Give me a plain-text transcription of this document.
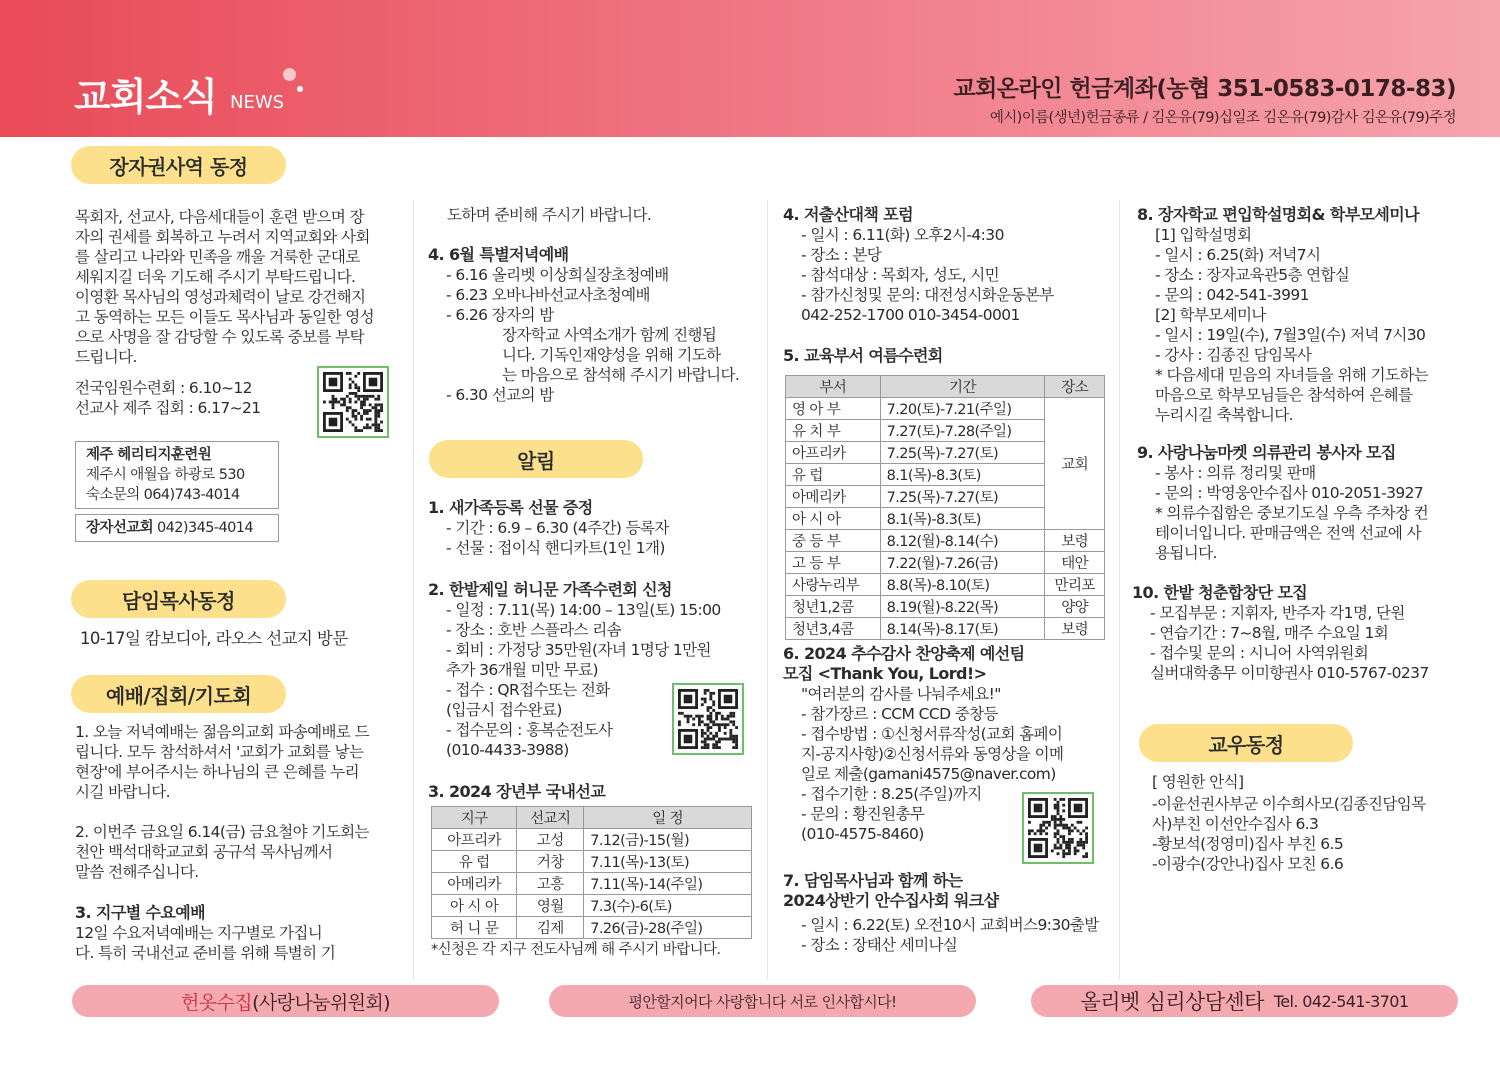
교회소식 NEWS
교회온라인 헌금계좌(농협 351-0583-0178-83)
예시)이름(생년)헌금종류 / 김온유(79)십일조 김온유(79)감사 김온유(79)주정
장자권사역 동정
목회자, 선교사, 다음세대들이 훈련 받으며 장
자의 권세를 회복하고 누려서 지역교회와 사회
를 살리고 나라와 민족을 깨울 거룩한 군대로
세워지길 더욱 기도해 주시기 부탁드립니다.
이영환 목사님의 영성과체력이 날로 강건해지
고 동역하는 모든 이들도 목사님과 동일한 영성
으로 사명을 잘 감당할 수 있도록 중보를 부탁
드립니다.
전국임원수련회 : 6.10~12
선교사 제주 집회 : 6.17~21
제주 헤리티지훈련원
제주시 애월읍 하광로 530
숙소문의 064)743-4014
장자선교회 042)345-4014
담임목사동정
10-17일 캄보디아, 라오스 선교지 방문
예배/집회/기도회
1. 오늘 저녁예배는 젊음의교회 파송예배로 드
립니다. 모두 참석하셔서 '교회가 교회를 낳는
현장'에 부어주시는 하나님의 큰 은혜를 누리
시길 바랍니다.
2. 이번주 금요일 6.14(금) 금요철야 기도회는
천안 백석대학교교회 공규석 목사님께서
말씀 전해주십니다.
3. 지구별 수요예배
12일 수요저녁예배는 지구별로 가집니
다. 특히 국내선교 준비를 위해 특별히 기
도하며 준비해 주시기 바랍니다.
4. 6월 특별저녁예배
- 6.16 올리벳 이상희실장초청예배
- 6.23 오바나바선교사초청예배
- 6.26 장자의 밤
장자학교 사역소개가 함께 진행됩
니다. 기독인재양성을 위해 기도하
는 마음으로 참석해 주시기 바랍니다.
- 6.30 선교의 밤
알림
1. 새가족등록 선물 증정
- 기간 : 6.9 – 6.30 (4주간) 등록자
- 선물 : 접이식 핸디카트(1인 1개)
2. 한밭제일 허니문 가족수련회 신청
- 일정 : 7.11(목) 14:00 – 13일(토) 15:00
- 장소 : 호반 스플라스 리솜
- 회비 : 가정당 35만원(자녀 1명당 1만원
추가 36개월 미만 무료)
- 접수 : QR접수또는 전화
(입금시 접수완료)
- 접수문의 : 홍복순전도사
(010-4433-3988)
3. 2024 장년부 국내선교
지구	선교지	일 정
아프리카	고성	7.12(금)-15(월)
유 럽	거창	7.11(목)-13(토)
아메리카	고흥	7.11(목)-14(주일)
아 시 아	영월	7.3(수)-6(토)
허 니 문	김제	7.26(금)-28(주일)
*신청은 각 지구 전도사님께 해 주시기 바랍니다.
4. 저출산대책 포럼
- 일시 : 6.11(화) 오후2시-4:30
- 장소 : 본당
- 참석대상 : 목회자, 성도, 시민
- 참가신청및 문의: 대전성시화운동본부
042-252-1700 010-3454-0001
5. 교육부서 여름수련회
부서	기간	장소
영 아 부	7.20(토)-7.21(주일)	교회
유 치 부	7.27(토)-7.28(주일)	
아프리카	7.25(목)-7.27(토)	
유 럽	8.1(목)-8.3(토)	
아메리카	7.25(목)-7.27(토)	
아 시 아	8.1(목)-8.3(토)	
중 등 부	8.12(월)-8.14(수)	보령
고 등 부	7.22(월)-7.26(금)	태안
사랑누리부	8.8(목)-8.10(토)	만리포
청년1,2콤	8.19(월)-8.22(목)	양양
청년3,4콤	8.14(목)-8.17(토)	보령
6. 2024 추수감사 찬양축제 예선팀
모집 <Thank You, Lord!>
"여러분의 감사를 나눠주세요!"
- 참가장르 : CCM CCD 중창등
- 접수방법 : ①신청서류작성(교회 홈페이
지-공지사항)②신청서류와 동영상을 이메
일로 제출(gamani4575@naver.com)
- 접수기한 : 8.25(주일)까지
- 문의 : 황진원총무
(010-4575-8460)
7. 담임목사님과 함께 하는
2024상반기 안수집사회 워크샵
- 일시 : 6.22(토) 오전10시 교회버스9:30출발
- 장소 : 장태산 세미나실
8. 장자학교 편입학설명회& 학부모세미나
[1] 입학설명회
- 일시 : 6.25(화) 저녁7시
- 장소 : 장자교육관5층 연합실
- 문의 : 042-541-3991
[2] 학부모세미나
- 일시 : 19일(수), 7월3일(수) 저녁 7시30
- 강사 : 김종진 담임목사
* 다음세대 믿음의 자녀들을 위해 기도하는
마음으로 학부모님들은 참석하여 은혜를
누리시길 축복합니다.
9. 사랑나눔마켓 의류관리 봉사자 모집
- 봉사 : 의류 정리및 판매
- 문의 : 박영웅안수집사 010-2051-3927
* 의류수집함은 중보기도실 우측 주차장 컨
테이너입니다. 판매금액은 전액 선교에 사
용됩니다.
10. 한밭 청춘합창단 모집
- 모집부문 : 지휘자, 반주자 각1명, 단원
- 연습기간 : 7~8월, 매주 수요일 1회
- 접수및 문의 : 시니어 사역위원회
실버대학총무 이미향권사 010-5767-0237
교우동정
[ 영원한 안식]
-이윤선권사부군 이수희사모(김종진담임목
사)부친 이선안수집사 6.3
-황보석(정영미)집사 부친 6.5
-이광수(강안나)집사 모친 6.6
헌옷수집 (사랑나눔위원회)	평안할지어다 사랑합니다 서로 인사합시다!	올리벳 심리상담센타 Tel. 042-541-3701
